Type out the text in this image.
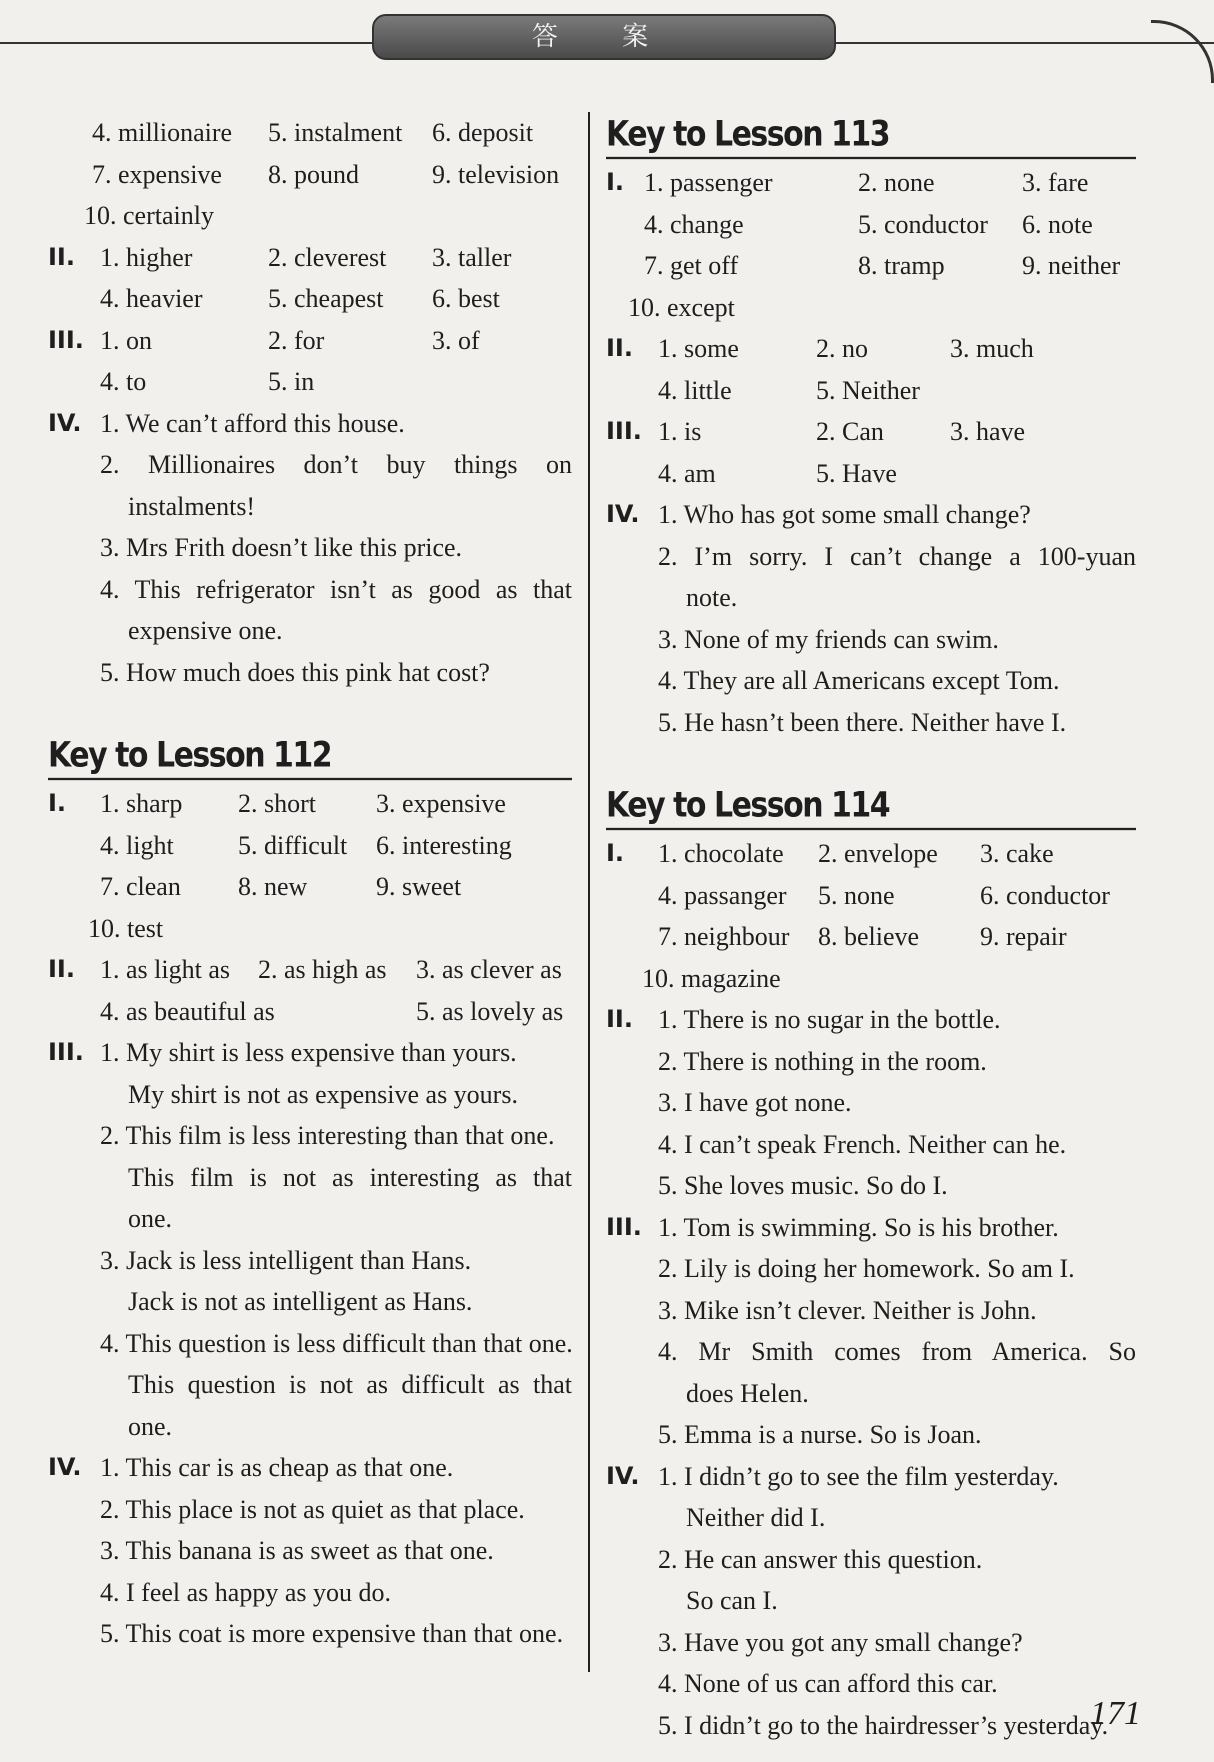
答 案
4. millionaire 5. instalment 6. deposit
7. expensive 8. pound	9. television
10. certainly
II. 1. higher	2. cleverest 3. taller
4. heavier	5. cheapest 6. best
III. 1. on	2. for	3. of
4. to	5. in
IV. 1. We can’t afford this house.
2. Millionaires don’t buy things on
instalments!
3. Mrs Frith doesn’t like this price.
4. This refrigerator isn’t as good as that
expensive one.
5. How much does this pink hat cost?
Key to Lesson 112
I. 1. sharp 2. short 3. expensive
4. light 5. difficult 6. interesting
7. clean 8. new	9. sweet
10. test
II. 1. as light as 2. as high as 3. as clever as
4. as beautiful as	5. as lovely as
III. 1. My shirt is less expensive than yours.
My shirt is not as expensive as yours.
2. This film is less interesting than that one.
This film is not as interesting as that
one.
3. Jack is less intelligent than Hans.
Jack is not as intelligent as Hans.
4. This question is less difficult than that one.
This question is not as difficult as that
one.
IV. 1. This car is as cheap as that one.
2. This place is not as quiet as that place.
3. This banana is as sweet as that one.
4. I feel as happy as you do.
5. This coat is more expensive than that one.
Key to Lesson 113
I. 1. passenger	2. none	3. fare
4. change	5. conductor 6. note
7. get off	8. tramp	9. neither
10. except
II. 1. some	2. no	3. much
4. little	5. Neither
III. 1. is	2. Can	3. have
4. am	5. Have
IV. 1. Who has got some small change?
2. I’m sorry. I can’t change a 100-yuan
note.
3. None of my friends can swim.
4. They are all Americans except Tom.
5. He hasn’t been there. Neither have I.
Key to Lesson 114
I. 1. chocolate 2. envelope 3. cake
4. passanger 5. none	6. conductor
7. neighbour 8. believe 9. repair
10. magazine
II. 1. There is no sugar in the bottle.
2. There is nothing in the room.
3. I have got none.
4. I can’t speak French. Neither can he.
5. She loves music. So do I.
III. 1. Tom is swimming. So is his brother.
2. Lily is doing her homework. So am I.
3. Mike isn’t clever. Neither is John.
4. Mr Smith comes from America. So
does Helen.
5. Emma is a nurse. So is Joan.
IV. 1. I didn’t go to see the film yesterday.
Neither did I.
2. He can answer this question.
So can I.
3. Have you got any small change?
4. None of us can afford this car.
5. I didn’t go to the hairdresser’s yesterday.
171
